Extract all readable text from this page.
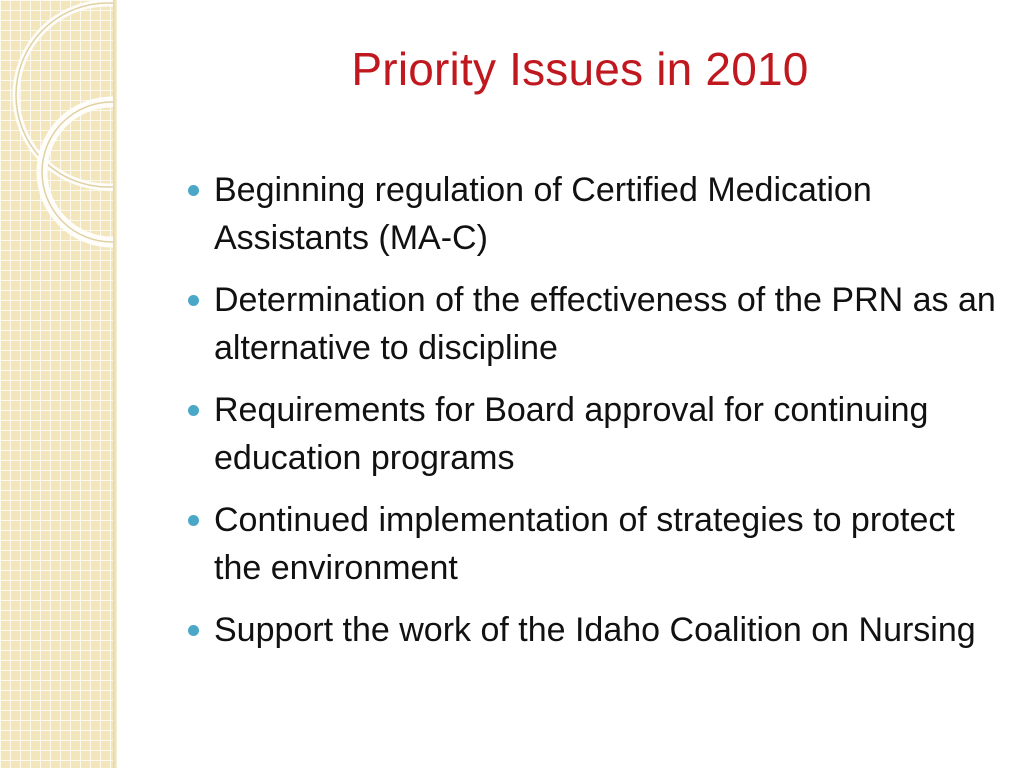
Priority Issues in 2010
Beginning regulation of Certified Medication Assistants (MA-C)
Determination of the effectiveness of the PRN as an alternative to discipline
Requirements for Board approval for continuing education programs
Continued implementation of strategies to protect the environment
Support the work of the Idaho Coalition on Nursing
